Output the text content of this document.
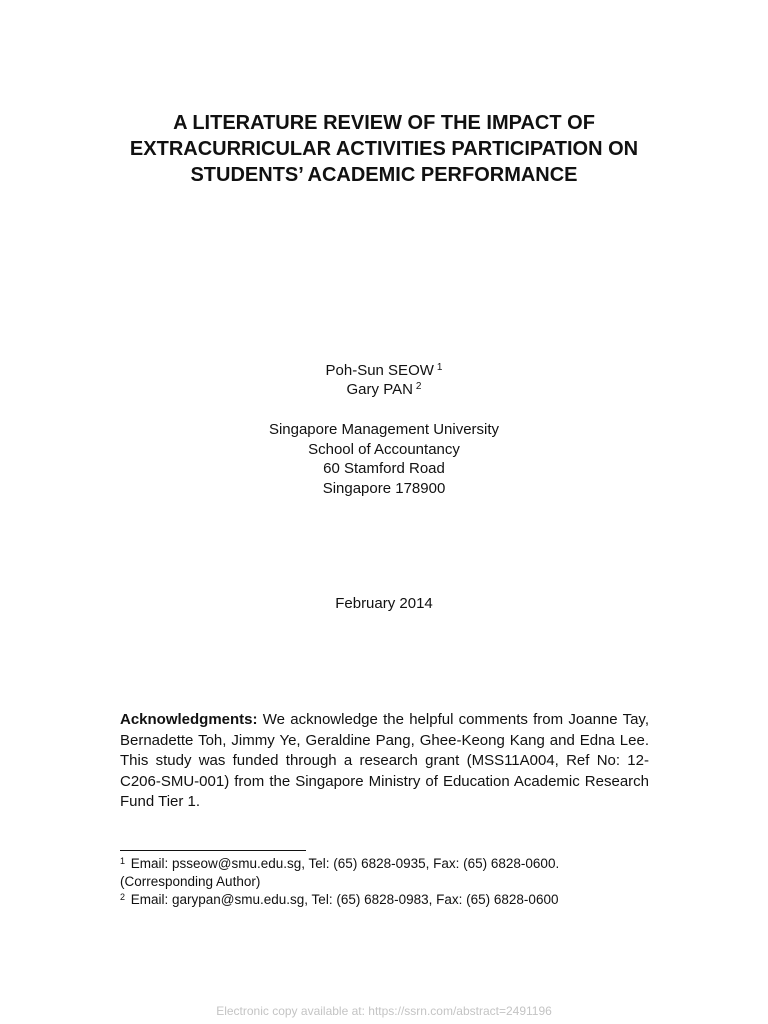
A LITERATURE REVIEW OF THE IMPACT OF
EXTRACURRICULAR ACTIVITIES PARTICIPATION ON
STUDENTS’ ACADEMIC PERFORMANCE
Poh-Sun SEOW $^1$
Gary PAN $^2$
Singapore Management University
School of Accountancy
60 Stamford Road
Singapore 178900
February 2014

Acknowledgments: We acknowledge the helpful comments from Joanne Tay, Bernadette Toh, Jimmy Ye, Geraldine Pang, Ghee-Keong Kang and Edna Lee. This study was funded through a research grant (MSS11A004, Ref No: 12-C206-SMU-001) from the Singapore Ministry of Education Academic Research Fund Tier 1.

$^1$ Email: psseow@smu.edu.sg, Tel: (65) 6828-0935, Fax: (65) 6828-0600.
(Corresponding Author)
$^2$ Email: garypan@smu.edu.sg, Tel: (65) 6828-0983, Fax: (65) 6828-0600
Electronic copy available at: https://ssrn.com/abstract=2491196
